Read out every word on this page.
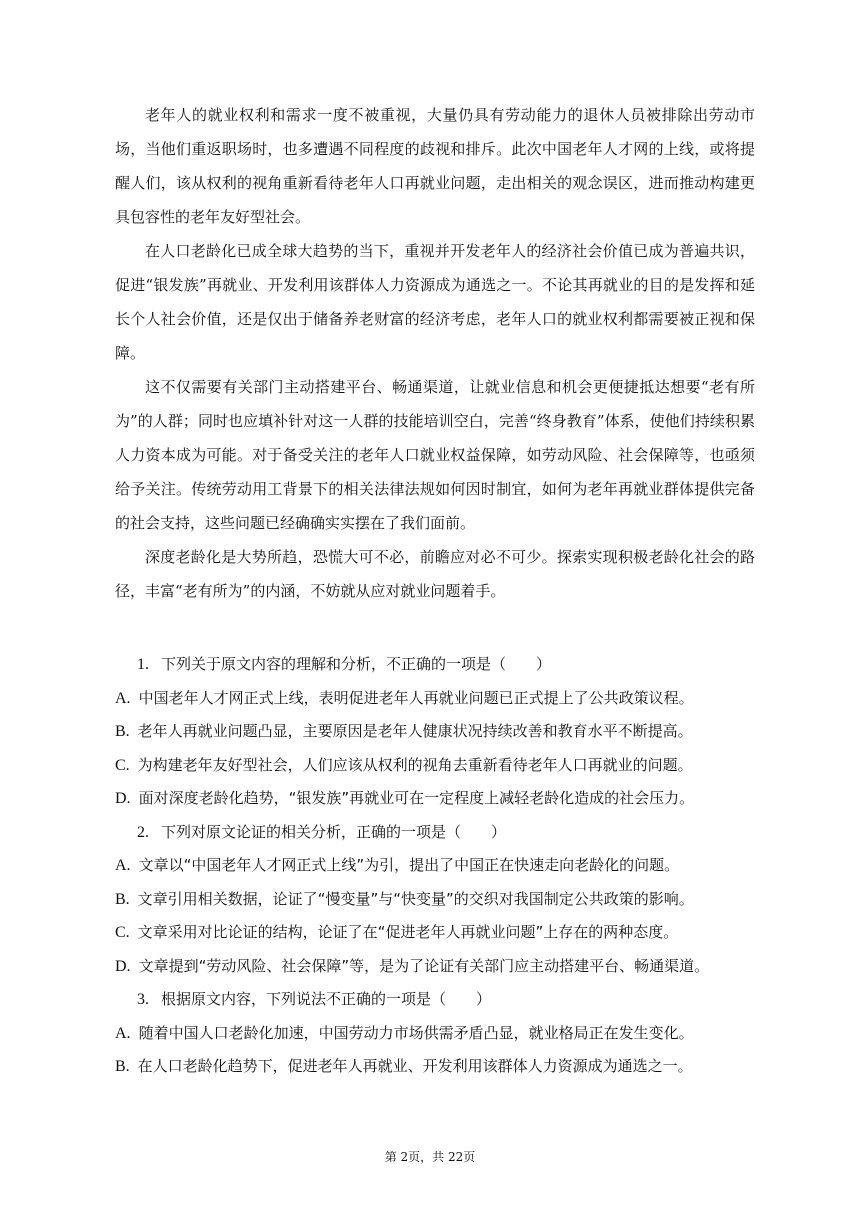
老年人的就业权利和需求一度不被重视，大量仍具有劳动能力的退休人员被排除出劳动市场，当他们重返职场时，也多遭遇不同程度的歧视和排斥。此次中国老年人才网的上线，或将提醒人们，该从权利的视角重新看待老年人口再就业问题，走出相关的观念误区，进而推动构建更具包容性的老年友好型社会。

在人口老龄化已成全球大趋势的当下，重视并开发老年人的经济社会价值已成为普遍共识，促进“银发族”再就业、开发利用该群体人力资源成为通选之一。不论其再就业的目的是发挥和延长个人社会价值，还是仅出于储备养老财富的经济考虑，老年人口的就业权利都需要被正视和保障。

这不仅需要有关部门主动搭建平台、畅通渠道，让就业信息和机会更便捷抵达想要“老有所为”的人群；同时也应填补针对这一人群的技能培训空白，完善“终身教育”体系，使他们持续积累人力资本成为可能。对于备受关注的老年人口就业权益保障，如劳动风险、社会保障等，也亟须给予关注。传统劳动用工背景下的相关法律法规如何因时制宜，如何为老年再就业群体提供完备的社会支持，这些问题已经确确实实摆在了我们面前。

深度老龄化是大势所趋，恐慌大可不必，前瞻应对必不可少。探索实现积极老龄化社会的路径，丰富“老有所为”的内涵，不妨就从应对就业问题着手。

1. 下列关于原文内容的理解和分析，不正确的一项是（　　）
A. 中国老年人才网正式上线，表明促进老年人再就业问题已正式提上了公共政策议程。
B. 老年人再就业问题凸显，主要原因是老年人健康状况持续改善和教育水平不断提高。
C. 为构建老年友好型社会，人们应该从权利的视角去重新看待老年人口再就业的问题。
D. 面对深度老龄化趋势，“银发族”再就业可在一定程度上减轻老龄化造成的社会压力。
2. 下列对原文论证的相关分析，正确的一项是（　　）
A. 文章以“中国老年人才网正式上线”为引，提出了中国正在快速走向老龄化的问题。
B. 文章引用相关数据，论证了“慢变量”与“快变量”的交织对我国制定公共政策的影响。
C. 文章采用对比论证的结构，论证了在“促进老年人再就业问题”上存在的两种态度。
D. 文章提到“劳动风险、社会保障”等，是为了论证有关部门应主动搭建平台、畅通渠道。
3. 根据原文内容，下列说法不正确的一项是（　　）
A. 随着中国人口老龄化加速，中国劳动力市场供需矛盾凸显，就业格局正在发生变化。
B. 在人口老龄化趋势下，促进老年人再就业、开发利用该群体人力资源成为通选之一。
第 2页，共 22页
